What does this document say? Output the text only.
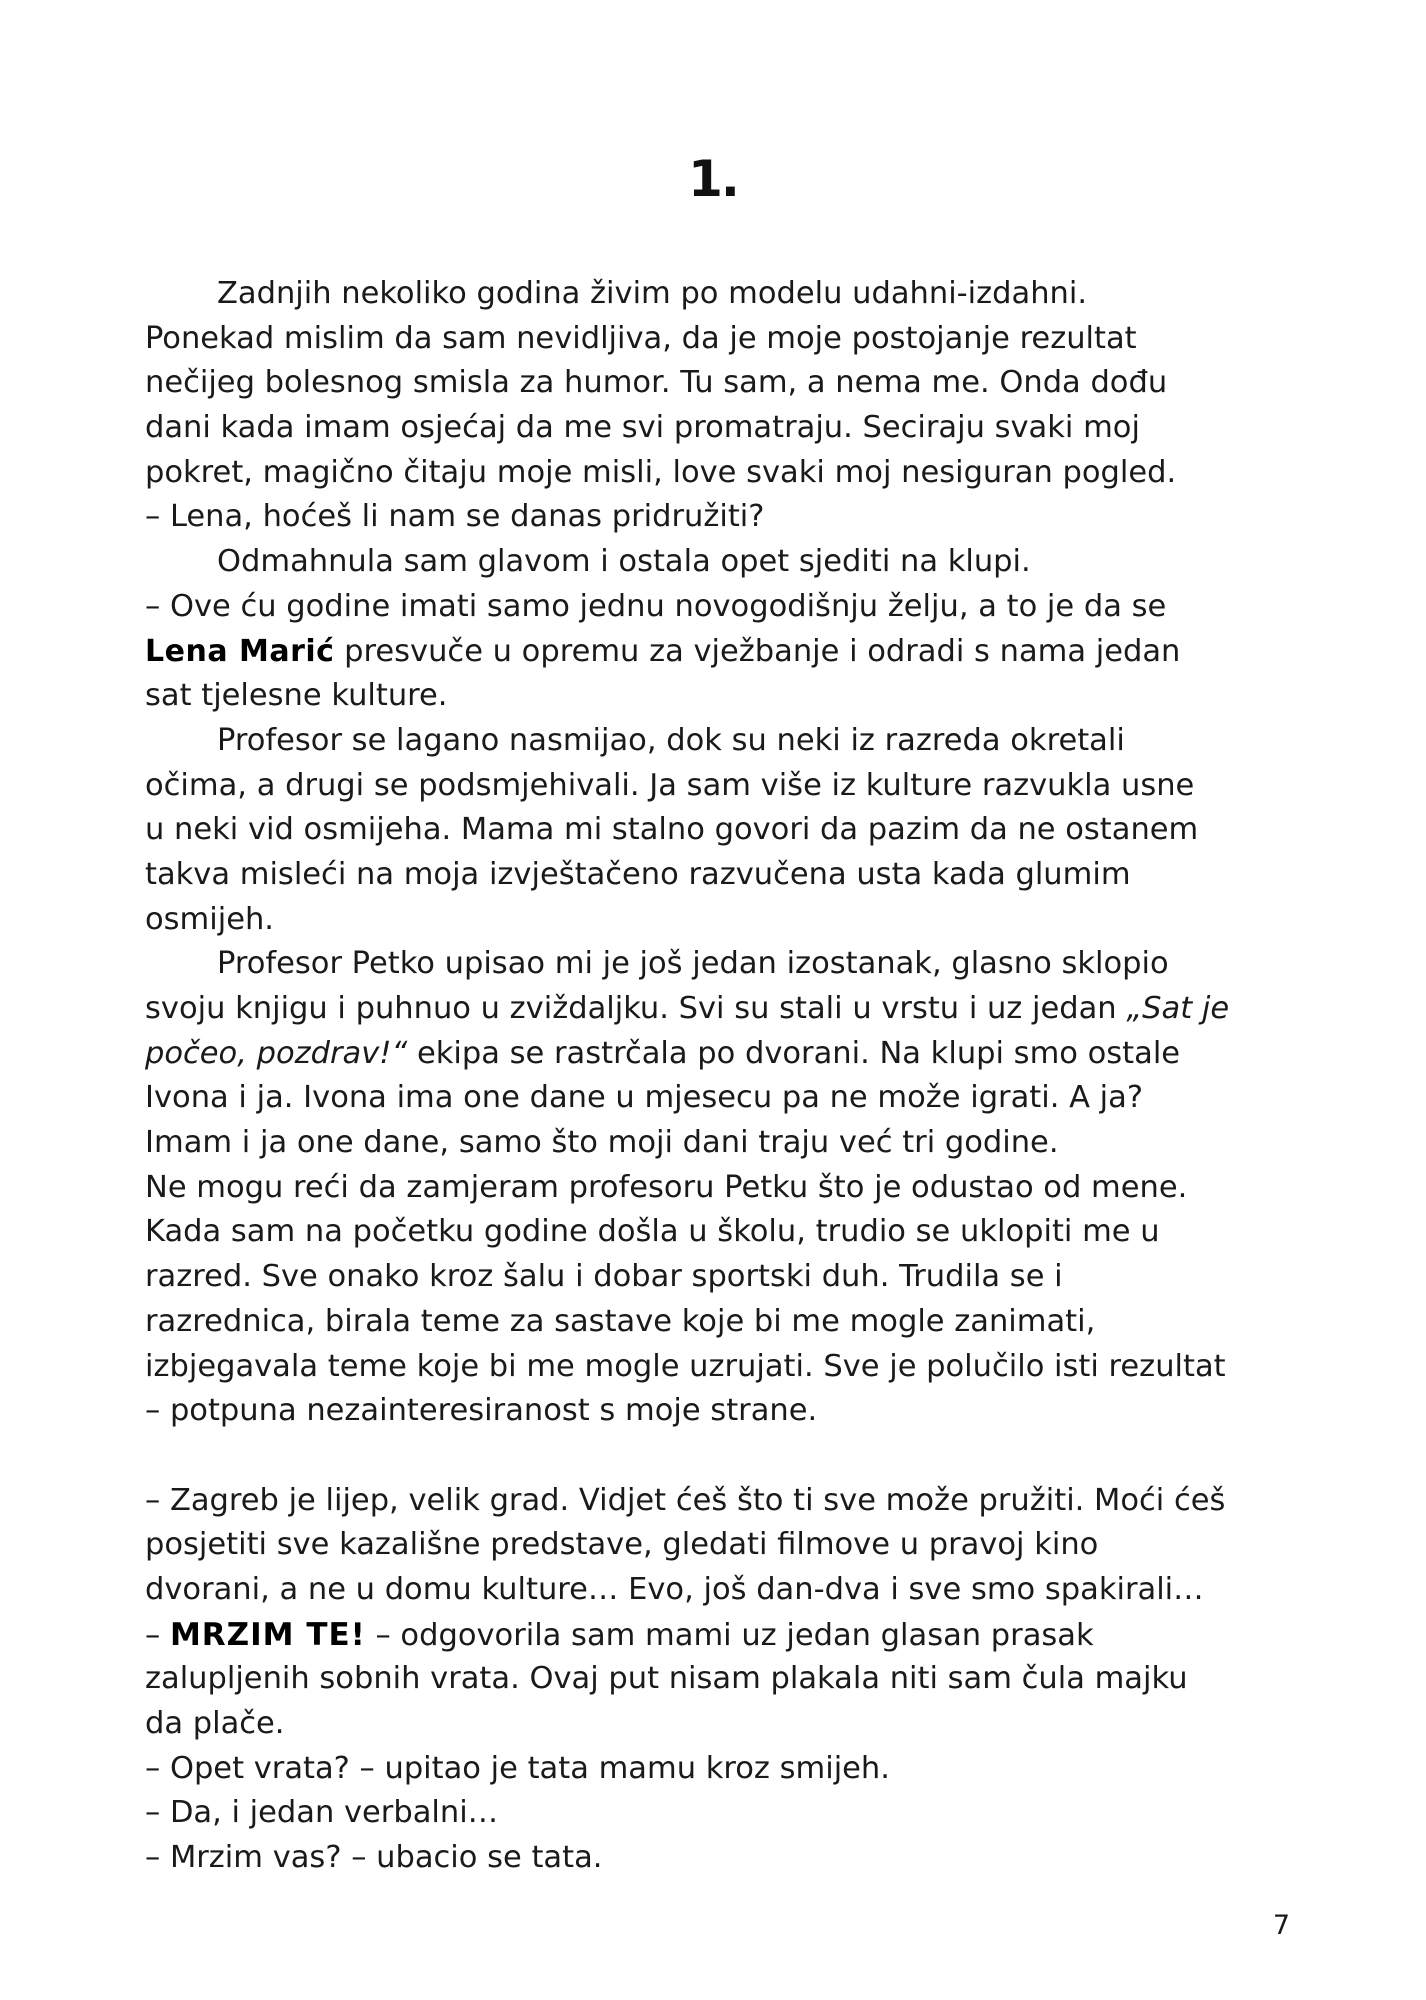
1.
Zadnjih nekoliko godina živim po modelu udahni-izdahni.
Ponekad mislim da sam nevidljiva, da je moje postojanje rezultat
nečijeg bolesnog smisla za humor. Tu sam, a nema me. Onda dođu
dani kada imam osjećaj da me svi promatraju. Seciraju svaki moj
pokret, magično čitaju moje misli, love svaki moj nesiguran pogled.
– Lena, hoćeš li nam se danas pridružiti?
Odmahnula sam glavom i ostala opet sjediti na klupi.
– Ove ću godine imati samo jednu novogodišnju želju, a to je da se
Lena Marić presvuče u opremu za vježbanje i odradi s nama jedan
sat tjelesne kulture.
Profesor se lagano nasmijao, dok su neki iz razreda okretali
očima, a drugi se podsmjehivali. Ja sam više iz kulture razvukla usne
u neki vid osmijeha. Mama mi stalno govori da pazim da ne ostanem
takva misleći na moja izvještačeno razvučena usta kada glumim
osmijeh.
Profesor Petko upisao mi je još jedan izostanak, glasno sklopio
svoju knjigu i puhnuo u zviždaljku. Svi su stali u vrstu i uz jedan „Sat je
počeo, pozdrav!“ ekipa se rastrčala po dvorani. Na klupi smo ostale
Ivona i ja. Ivona ima one dane u mjesecu pa ne može igrati. A ja?
Imam i ja one dane, samo što moji dani traju već tri godine.
Ne mogu reći da zamjeram profesoru Petku što je odustao od mene.
Kada sam na početku godine došla u školu, trudio se uklopiti me u
razred. Sve onako kroz šalu i dobar sportski duh. Trudila se i
razrednica, birala teme za sastave koje bi me mogle zanimati,
izbjegavala teme koje bi me mogle uzrujati. Sve je polučilo isti rezultat
– potpuna nezainteresiranost s moje strane.
– Zagreb je lijep, velik grad. Vidjet ćeš što ti sve može pružiti. Moći ćeš
posjetiti sve kazališne predstave, gledati filmove u pravoj kino
dvorani, a ne u domu kulture… Evo, još dan-dva i sve smo spakirali…
– MRZIM TE! – odgovorila sam mami uz jedan glasan prasak
zalupljenih sobnih vrata. Ovaj put nisam plakala niti sam čula majku
da plače.
– Opet vrata? – upitao je tata mamu kroz smijeh.
– Da, i jedan verbalni…
– Mrzim vas? – ubacio se tata.
7
